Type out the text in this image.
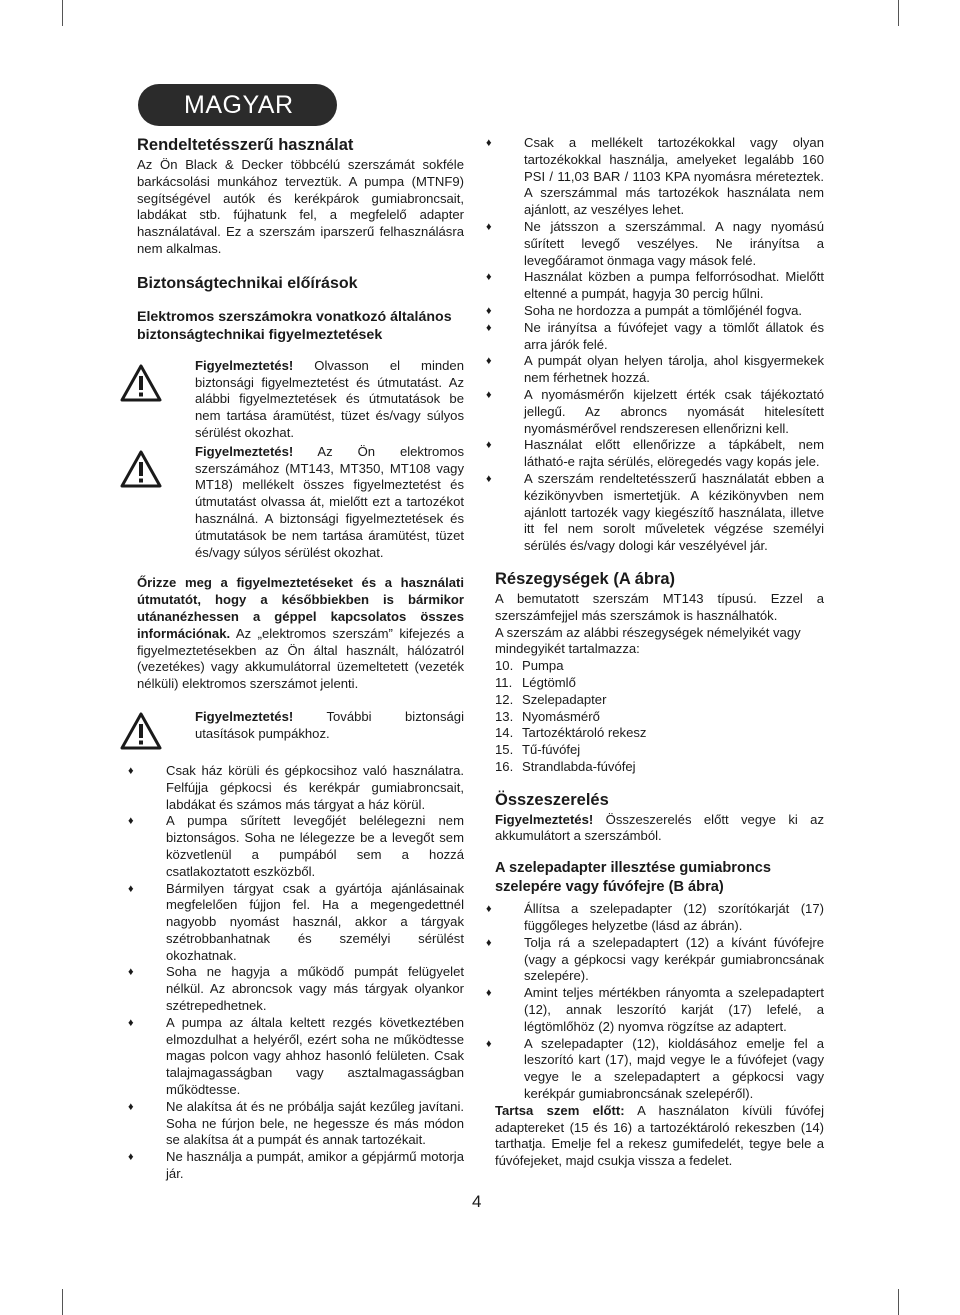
MAGYAR
Rendeltetésszerű használat

Az Ön Black & Decker többcélú szerszámát sokféle barkácsolási munkához terveztük. A pumpa (MTNF9) segítségével autók és kerékpárok gumiabroncsait, labdákat stb. fújhatunk fel, a megfelelő adapter használatával. Ez a szerszám iparszerű felhasználásra nem alkalmas.

Biztonságtechnikai előírások
Elektromos szerszámokra vonatkozó általános biztonságtechnikai figyelmeztetések
Figyelmeztetés! Olvasson el minden biztonsági figyelmeztetést és útmutatást. Az alábbi figyelmeztetések és útmutatások be nem tartása áramütést, tüzet és/vagy súlyos sérülést okozhat.
Figyelmeztetés! Az Ön elektromos szerszámához (MT143, MT350, MT108 vagy MT18) mellékelt összes figyelmeztetést és útmutatást olvassa át, mielőtt ezt a tartozékot használná. A biztonsági figyelmeztetések és útmutatások be nem tartása áramütést, tüzet és/vagy súlyos sérülést okozhat.

Őrizze meg a figyelmeztetéseket és a használati útmutatót, hogy a későbbiekben is bármikor utánanézhessen a géppel kapcsolatos összes információnak. Az „elektromos szerszám” kifejezés a figyelmeztetésekben az Ön által használt, hálózatról (vezetékes) vagy akkumulátorral üzemeltetett (vezeték nélküli) elektromos szerszámot jelenti.

Figyelmeztetés! További biztonsági utasítások pumpákhoz.
♦ Csak ház körüli és gépkocsihoz való használatra. Felfújja gépkocsi és kerékpár gumiabroncsait, labdákat és számos más tárgyat a ház körül.
♦ A pumpa sűrített levegőjét belélegezni nem biztonságos. Soha ne lélegezze be a levegőt sem közvetlenül a pumpából sem a hozzá csatlakoztatott eszközből.
♦ Bármilyen tárgyat csak a gyártója ajánlásainak megfelelően fújjon fel. Ha a megengedettnél nagyobb nyomást használ, akkor a tárgyak szétrobbanhatnak és személyi sérülést okozhatnak.
♦ Soha ne hagyja a működő pumpát felügyelet nélkül. Az abroncsok vagy más tárgyak olyankor szétrepedhetnek.
♦ A pumpa az általa keltett rezgés következtében elmozdulhat a helyéről, ezért soha ne működtesse magas polcon vagy ahhoz hasonló felületen. Csak talajmagasságban vagy asztalmagasságban működtesse.
♦ Ne alakítsa át és ne próbálja saját kezűleg javítani. Soha ne fúrjon bele, ne hegesszе és más módon se alakítsa át a pumpát és annak tartozékait.
♦ Ne használja a pumpát, amikor a gépjármű motorja jár.
♦ Csak a mellékelt tartozékokkal vagy olyan tartozékokkal használja, amelyeket legalább 160 PSI / 11,03 BAR / 1103 KPA nyomásra méreteztek. A szerszámmal más tartozékok használata nem ajánlott, az veszélyes lehet.
♦ Ne játsszon a szerszámmal. A nagy nyomású sűrített levegő veszélyes. Ne irányítsa a levegőáramot önmaga vagy mások felé.
♦ Használat közben a pumpa felforrósodhat. Mielőtt eltenné a pumpát, hagyja 30 percig hűlni.
♦ Soha ne hordozza a pumpát a tömlőjénél fogva.
♦ Ne irányítsa a fúvófejet vagy a tömlőt állatok és arra járók felé.
♦ A pumpát olyan helyen tárolja, ahol kisgyermekek nem férhetnek hozzá.
♦ A nyomásmérőn kijelzett érték csak tájékoztató jellegű. Az abroncs nyomását hitelesített nyomásmérővel rendszeresen ellenőrizni kell.
♦ Használat előtt ellenőrizze a tápkábelt, nem látható-e rajta sérülés, elöregedés vagy kopás jele.
♦ A szerszám rendeltetésszerű használatát ebben a kézikönyvben ismertetjük. A kézikönyvben nem ajánlott tartozék vagy kiegészítő használata, illetve itt fel nem sorolt műveletek végzése személyi sérülés és/vagy dologi kár veszélyével jár.
Részegységek (A ábra)

A bemutatott szerszám MT143 típusú. Ezzel a szerszámfejjel más szerszámok is használhatók.

A szerszám az alábbi részegységek némelyikét vagy mindegyikét tartalmazza:

10. Pumpa
11. Légtömlő
12. Szelepadapter
13. Nyomásmérő
14. Tartozéktároló rekesz
15. Tű-fúvófej
16. Strandlabda-fúvófej
Összeszerelés

Figyelmeztetés! Összeszerelés előtt vegye ki az akkumulátort a szerszámból.

A szelepadapter illesztése gumiabroncs szelepére vagy fúvófejre (B ábra)
♦ Állítsa a szelepadapter (12) szorítókarját (17) függőleges helyzetbe (lásd az ábrán).
♦ Tolja rá a szelepadaptert (12) a kívánt fúvófejre (vagy a gépkocsi vagy kerékpár gumiabroncsának szelepére).
♦ Amint teljes mértékben rányomta a szelepadaptert (12), annak leszorító karját (17) lefelé, a légtömlőhöz (2) nyomva rögzítse az adaptert.
♦ A szelepadapter (12), kioldásához emelje fel a leszorító kart (17), majd vegye le a fúvófejet (vagy vegye le a szelepadaptert a gépkocsi vagy kerékpár gumiabroncsának szelepéről).

Tartsa szem előtt: A használaton kívüli fúvófej adaptereket (15 és 16) a tartozéktároló rekeszben (14) tarthatja. Emelje fel a rekesz gumifedelét, tegye bele a fúvófejeket, majd csukja vissza a fedelet.

4
